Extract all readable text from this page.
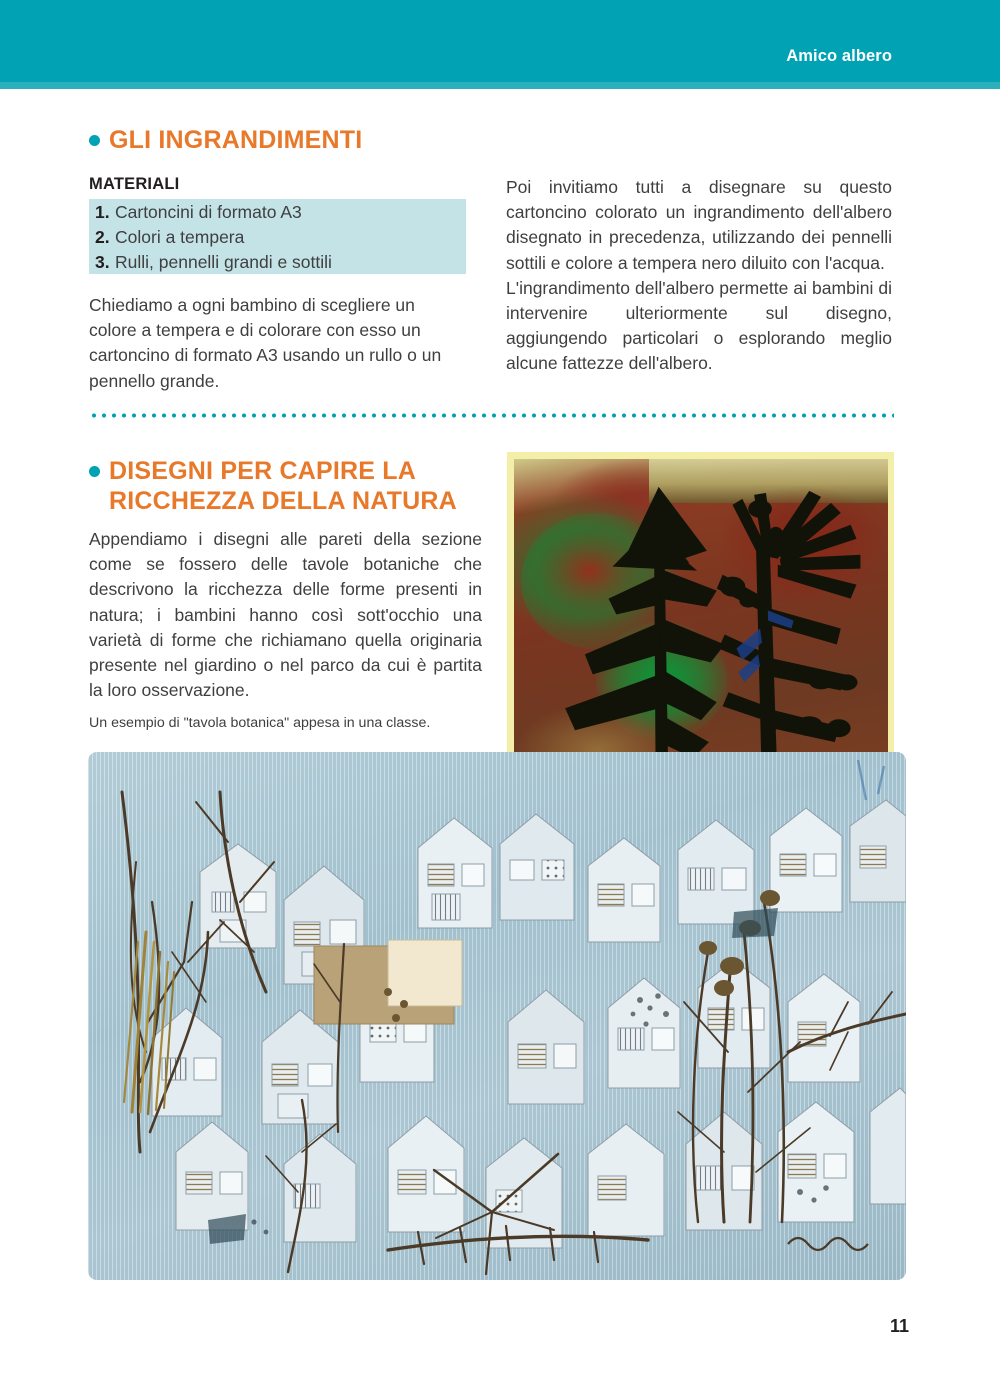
Amico albero
GLI INGRANDIMENTI
MATERIALI
1. Cartoncini di formato A3
2. Colori a tempera
3. Rulli, pennelli grandi e sottili

Chiediamo a ogni bambino di scegliere un colore a tempera e di colorare con esso un cartoncino di formato A3 usando un rullo o un pennello grande.

Poi invitiamo tutti a disegnare su questo cartoncino colorato un ingrandimento dell'albero disegnato in precedenza, utilizzando dei pennelli sottili e colore a tempera nero diluito con l'acqua.

L'ingrandimento dell'albero permette ai bambini di intervenire ulteriormente sul disegno, aggiungendo particolari o esplorando meglio alcune fattezze dell'albero.

DISEGNI PER CAPIRE LA
RICCHEZZA DELLA NATURA

Appendiamo i disegni alle pareti della sezione come se fossero delle tavole botaniche che descrivono la ricchezza delle forme presenti in natura; i bambini hanno così sott'occhio una varietà di forme che richiamano quella originaria presente nel giardino o nel parco da cui è partita la loro osservazione.

Un esempio di "tavola botanica" appesa in una classe.
11
